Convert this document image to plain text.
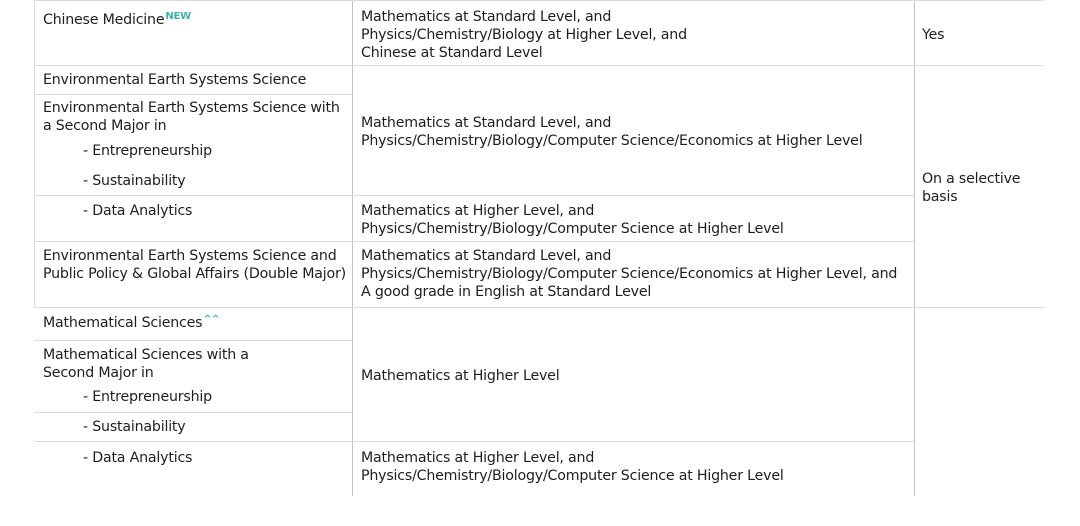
Chinese Medicine$^{NEW}$	Mathematics at Standard Level, and
Physics/Chemistry/Biology at Higher Level, and
Chinese at Standard Level
Yes
Environmental Earth Systems Science
Environmental Earth Systems Science with
a Second Major in
- Entrepreneurship
- Sustainability
- Data Analytics
Mathematics at Standard Level, and
Physics/Chemistry/Biology/Computer Science/Economics at Higher Level
Mathematics at Higher Level, and
Physics/Chemistry/Biology/Computer Science at Higher Level
Environmental Earth Systems Science and
Public Policy & Global Affairs (Double Major)
Mathematics at Standard Level, and
Physics/Chemistry/Biology/Computer Science/Economics at Higher Level, and
A good grade in English at Standard Level
On a selective
basis
Mathematical Sciences^^
Mathematical Sciences with a
Second Major in
- Entrepreneurship
- Sustainability
- Data Analytics
Mathematics at Higher Level
Mathematics at Higher Level, and
Physics/Chemistry/Biology/Computer Science at Higher Level
